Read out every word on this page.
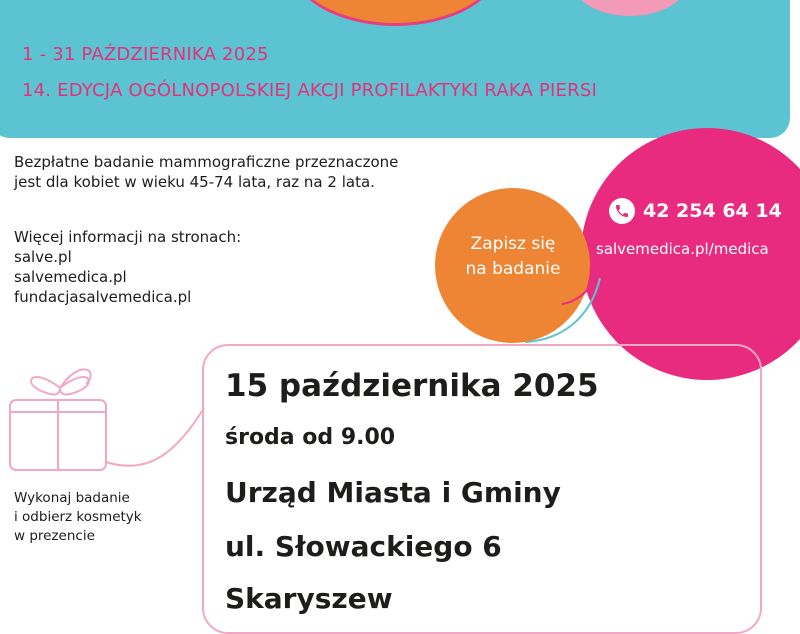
1 - 31 PAŹDZIERNIKA 2025

14. EDYCJA OGÓLNOPOLSKIEJ AKCJI PROFILAKTYKI RAKA PIERSI

Bezpłatne badanie mammograficzne przeznaczone
jest dla kobiet w wieku 45-74 lata, raz na 2 lata.

Więcej informacji na stronach:
salve.pl
salvemedica.pl
fundacjasalvemedica.pl

42 254 64 14
salvemedica.pl/medica

Zapisz się
na badanie

Wykonaj badanie
i odbierz kosmetyk
w prezencie

15 października 2025

środa od 9.00

Urząd Miasta i Gminy

ul. Słowackiego 6

Skaryszew
